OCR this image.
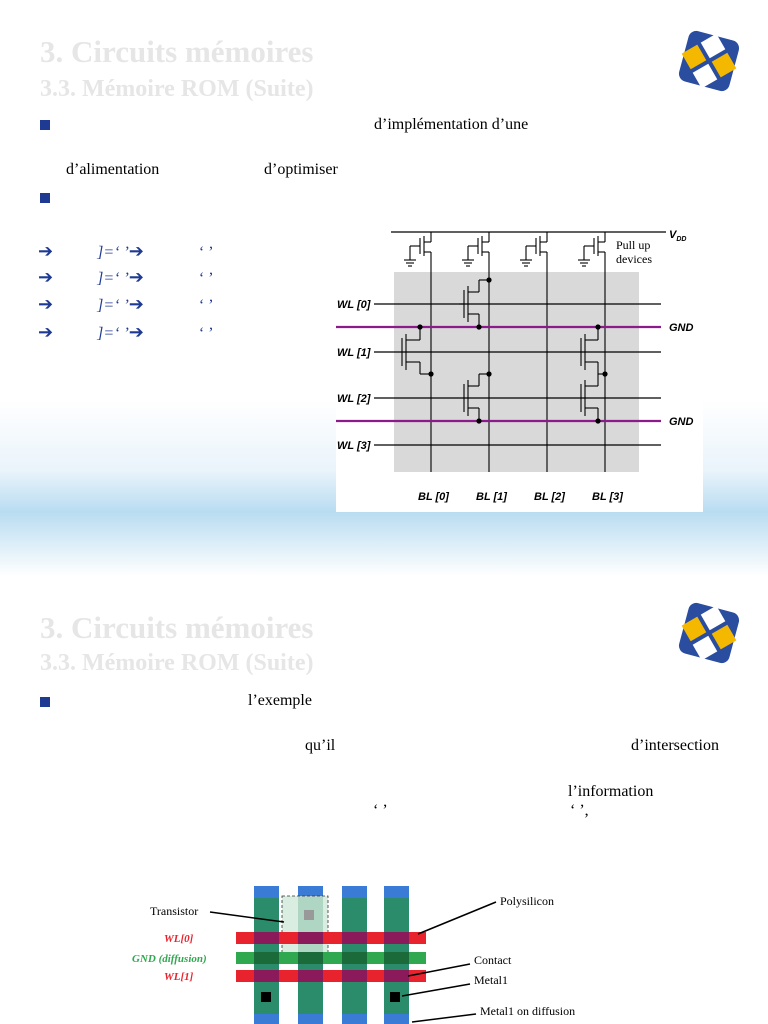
3. Circuits mémoires
3.3. Mémoire ROM (Suite)
d’implémentation d’une
d’alimentation	d’optimiser
➔	]=‘ ’➔	‘ ’
➔	]=‘ ’➔	‘ ’
➔	]=‘ ’➔	‘ ’
➔	]=‘ ’➔	‘ ’
$V_{DD}$
Pull up
devices
WL [0]
WL [1]
WL [2]
WL [3]
GND
GND
BL [0] BL [1] BL [2] BL [3]
3. Circuits mémoires
3.3. Mémoire ROM (Suite)
l’exemple
qu’il	d’intersection
l’information
‘ ’	‘ ’,
Transistor
WL[0]
GND (diffusion)
WL[1]
Polysilicon
Contact
Metal1
Metal1 on diffusion
